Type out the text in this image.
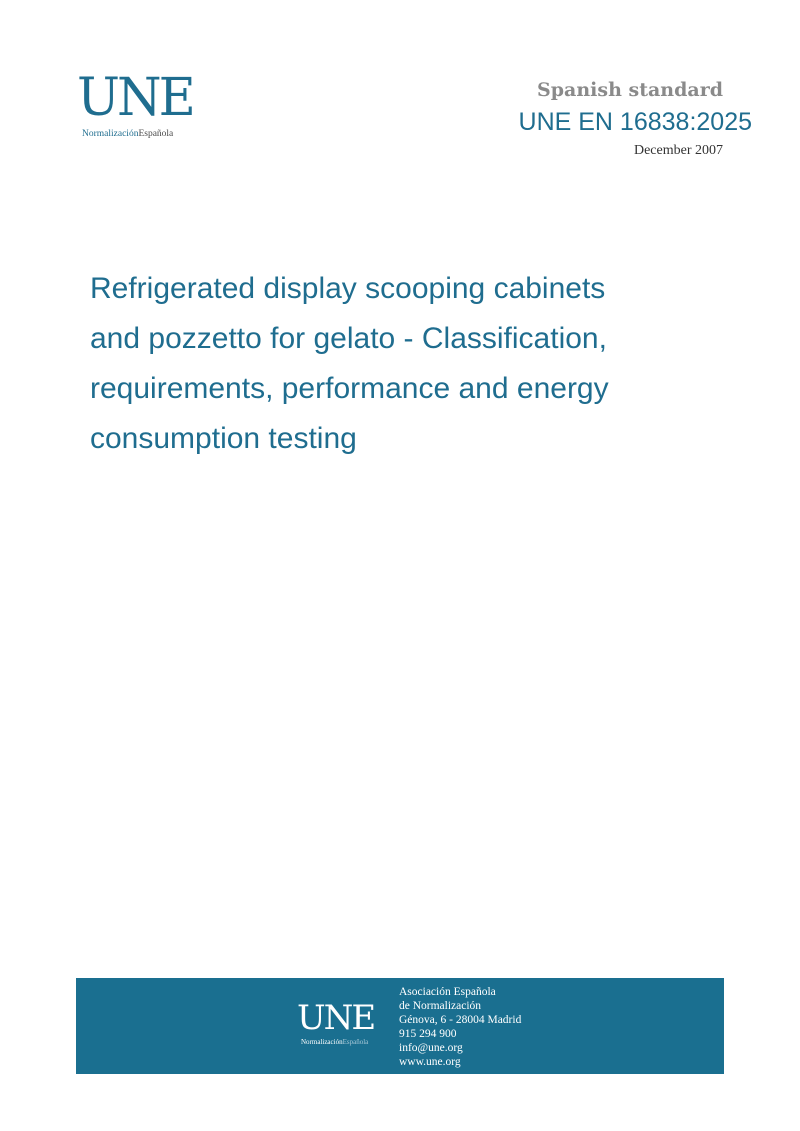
UNE
NormalizaciónEspañola
Spanish standard
UNE EN 16838:2025
December 2007
Refrigerated display scooping cabinets
and pozzetto for gelato - Classification,
requirements, performance and energy
consumption testing
UNE
NormalizaciónEspañola
Asociación Española
de Normalización
Génova, 6 - 28004 Madrid
915 294 900
info@une.org
www.une.org
